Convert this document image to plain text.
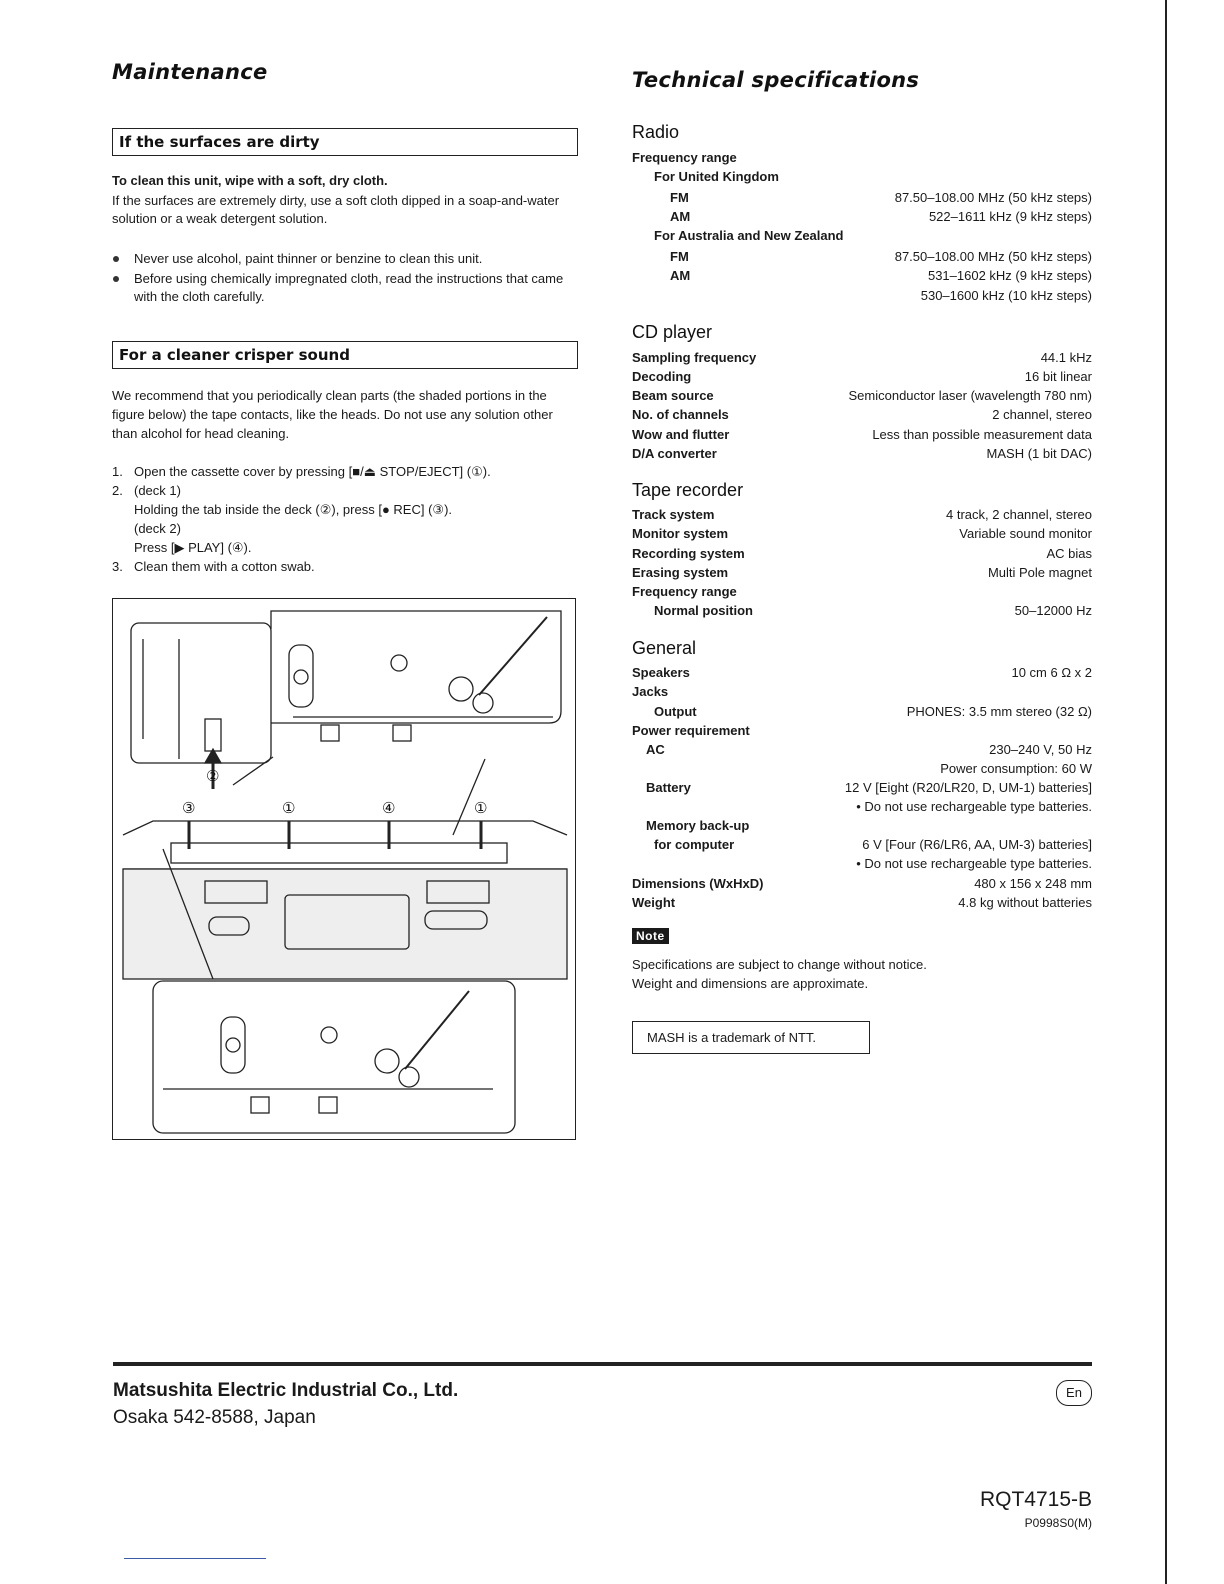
Maintenance
If the surfaces are dirty
To clean this unit, wipe with a soft, dry cloth.
If the surfaces are extremely dirty, use a soft cloth dipped in a soap-and-water solution or a weak detergent solution.
Never use alcohol, paint thinner or benzine to clean this unit.
Before using chemically impregnated cloth, read the instructions that came with the cloth carefully.
For a cleaner crisper sound
We recommend that you periodically clean parts (the shaded portions in the figure below) the tape contacts, like the heads. Do not use any solution other than alcohol for head cleaning.
1. Open the cassette cover by pressing [■/⏏ STOP/EJECT] (①).
2. (deck 1)
Holding the tab inside the deck (②), press [● REC] (③).
(deck 2)
Press [▶ PLAY] (④).
3. Clean them with a cotton swab.
③	①	④	①
②
Technical specifications
Radio
Frequency range
For United Kingdom
FM	87.50–108.00 MHz (50 kHz steps)
AM	522–1611 kHz (9 kHz steps)
For Australia and New Zealand
FM	87.50–108.00 MHz (50 kHz steps)
AM	531–1602 kHz (9 kHz steps)
530–1600 kHz (10 kHz steps)
CD player
Sampling frequency	44.1 kHz
Decoding	16 bit linear
Beam source	Semiconductor laser (wavelength 780 nm)
No. of channels	2 channel, stereo
Wow and flutter	Less than possible measurement data
D/A converter	MASH (1 bit DAC)
Tape recorder
Track system	4 track, 2 channel, stereo
Monitor system	Variable sound monitor
Recording system	AC bias
Erasing system	Multi Pole magnet
Frequency range
Normal position	50–12000 Hz
General
Speakers	10 cm 6 Ω x 2
Jacks
Output	PHONES: 3.5 mm stereo (32 Ω)
Power requirement
AC	230–240 V, 50 Hz
Power consumption: 60 W
Battery	12 V [Eight (R20/LR20, D, UM-1) batteries]
• Do not use rechargeable type batteries.
Memory back-up
for computer	6 V [Four (R6/LR6, AA, UM-3) batteries]
• Do not use rechargeable type batteries.
Dimensions (WxHxD)	480 x 156 x 248 mm
Weight	4.8 kg without batteries
Note
Specifications are subject to change without notice.
Weight and dimensions are approximate.
MASH is a trademark of NTT.
Matsushita Electric Industrial Co., Ltd.
Osaka 542-8588, Japan
En
RQT4715-B
P0998S0(M)
